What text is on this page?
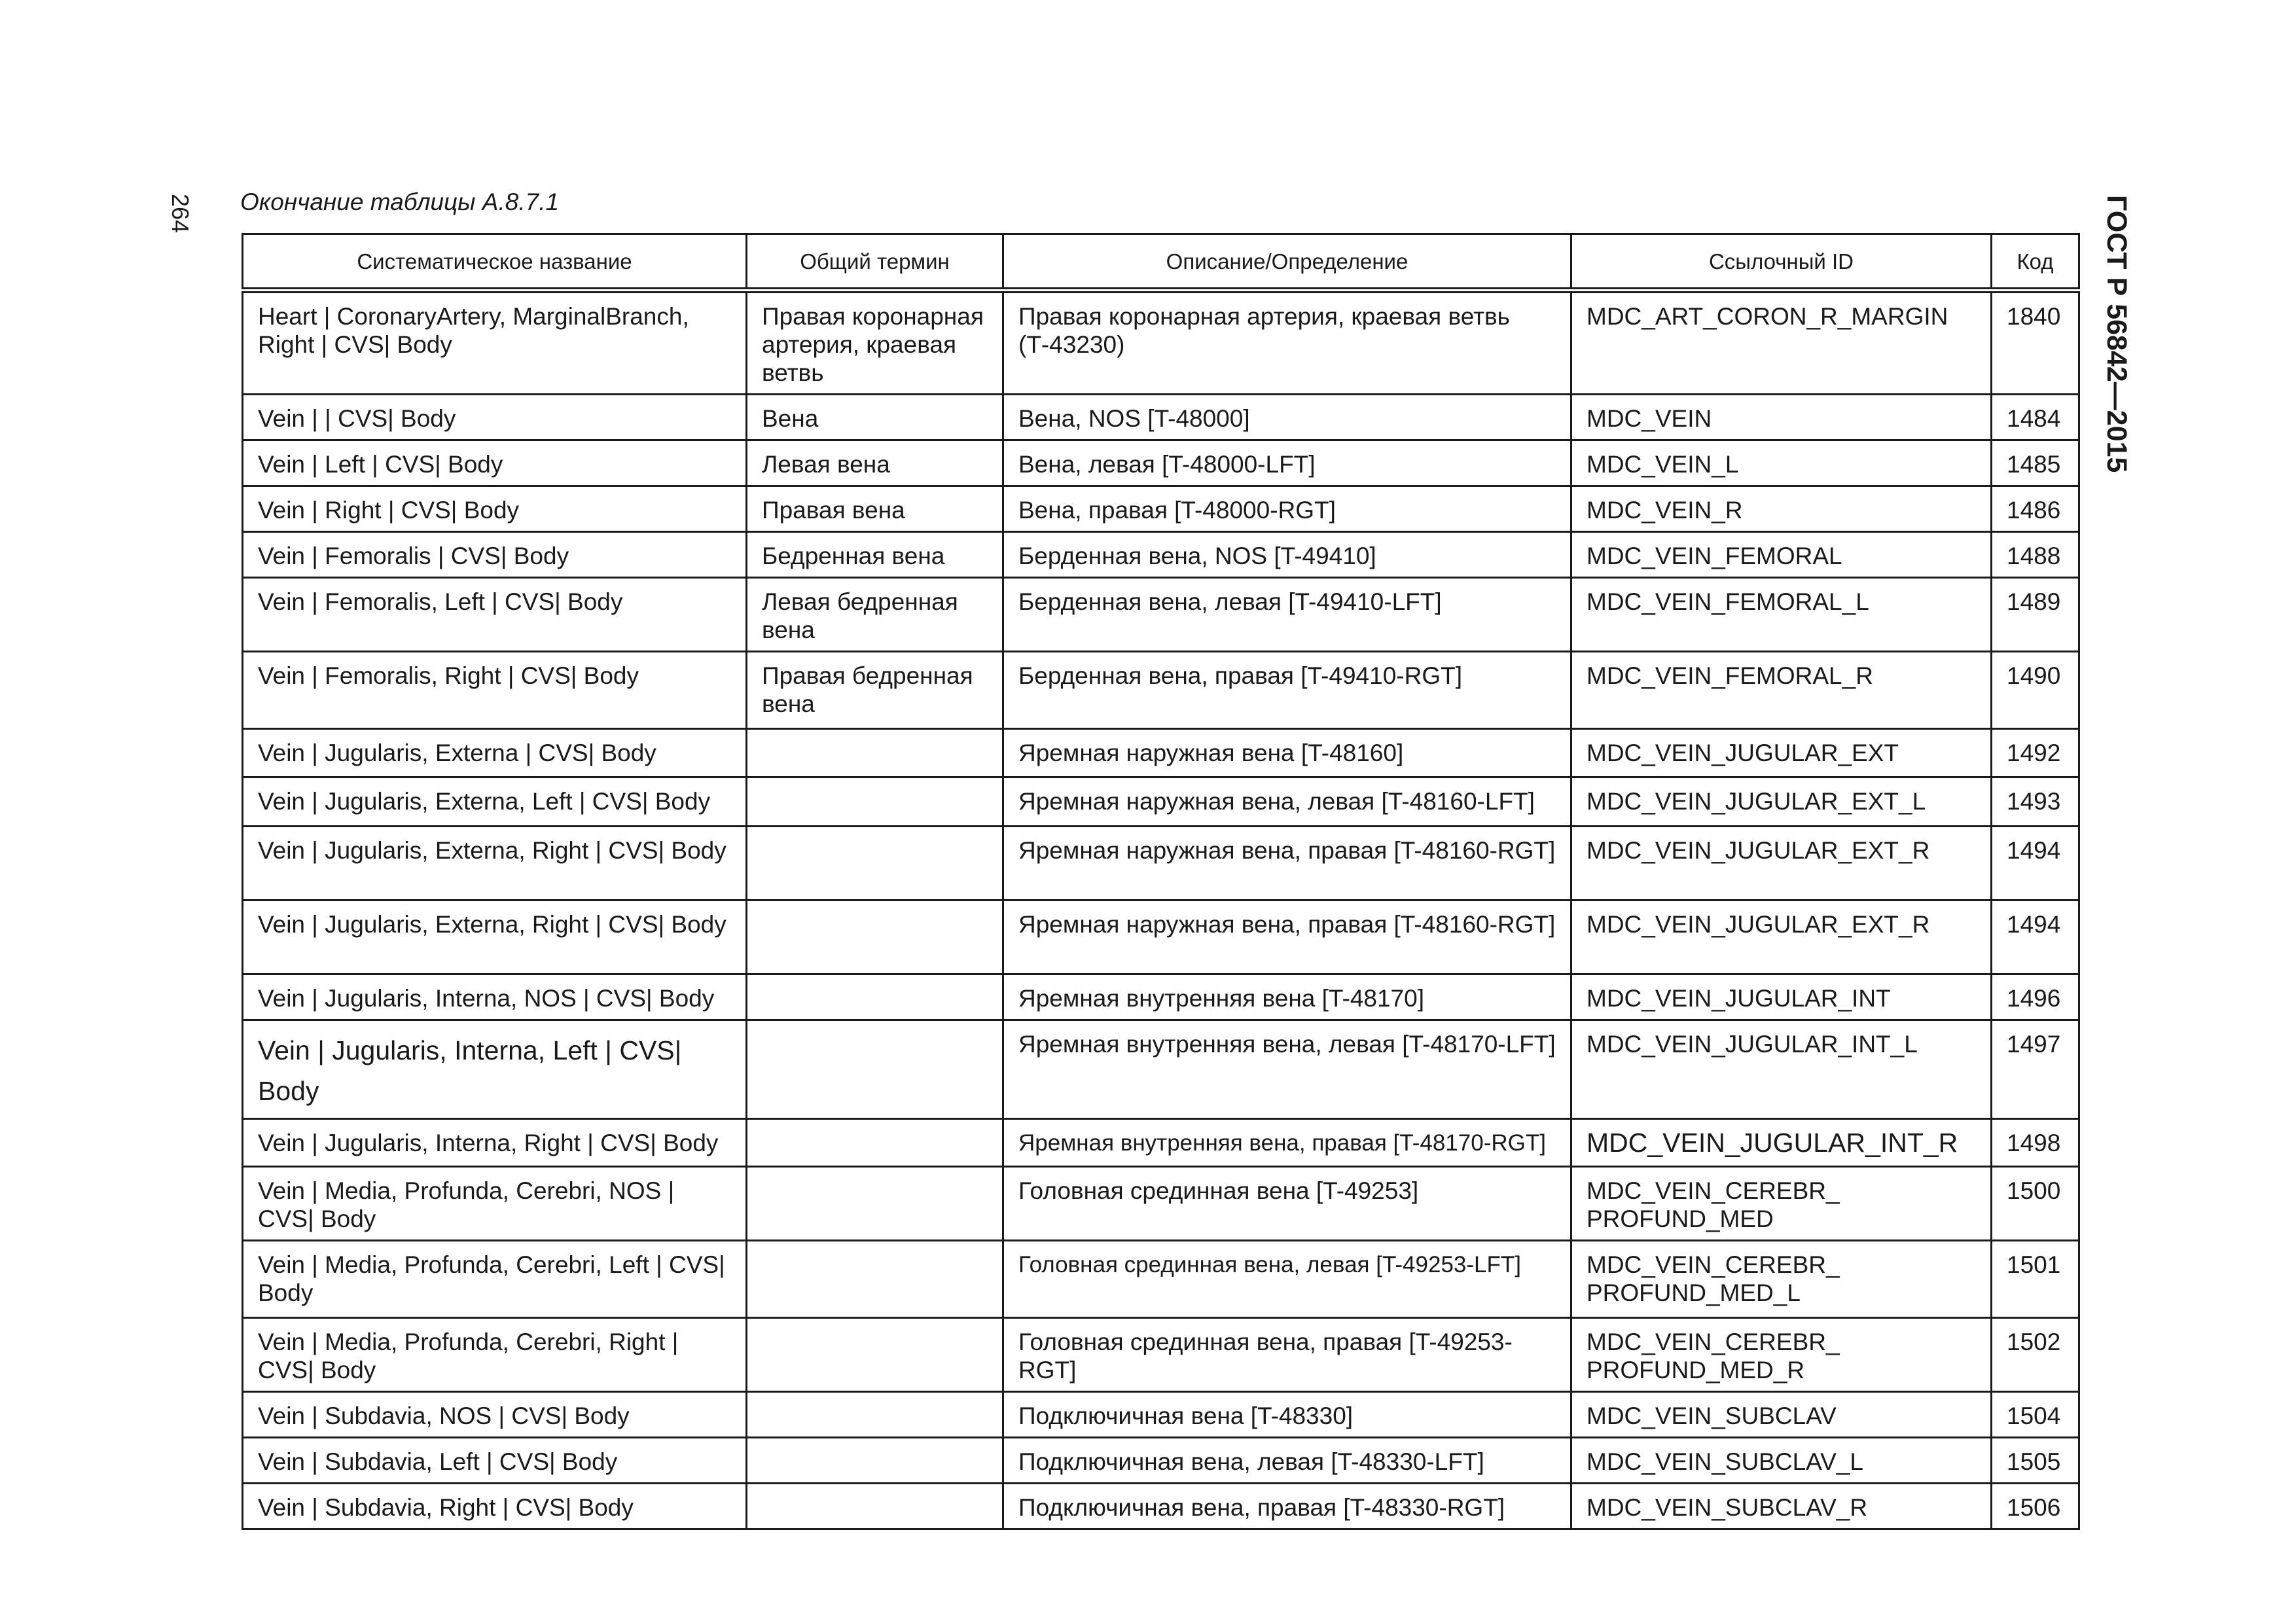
264 Окончание таблицы А.8.7.1	ГОСТ Р 56842—2015
Систематическое название	Общий термин	Описание/Определение	Ссылочный ID	Код
Heart | CoronaryArtery, MarginalBranch, Right | CVS| Body	Правая коронарная артерия, краевая ветвь	Правая коронарная артерия, краевая ветвь (Т-43230)	MDC_ART_CORON_R_MARGIN	1840
Vein | | CVS| Body	Вена	Вена, NOS [T-48000]	MDC_VEIN	1484
Vein | Left | CVS| Body	Левая вена	Вена, левая [T-48000-LFT]	MDC_VEIN_L	1485
Vein | Right | CVS| Body	Правая вена	Вена, правая [T-48000-RGT]	MDC_VEIN_R	1486
Vein | Femoralis | CVS| Body	Бедренная вена	Берденная вена, NOS [T-49410]	MDC_VEIN_FEMORAL	1488
Vein | Femoralis, Left | CVS| Body	Левая бедренная вена	Берденная вена, левая [T-49410-LFT]	MDC_VEIN_FEMORAL_L	1489
Vein | Femoralis, Right | CVS| Body	Правая бедренная вена	Берденная вена, правая [T-49410-RGT]	MDC_VEIN_FEMORAL_R	1490
Vein | Jugularis, Externa | CVS| Body		Яремная наружная вена [T-48160]	MDC_VEIN_JUGULAR_EXT	1492
Vein | Jugularis, Externa, Left | CVS| Body		Яремная наружная вена, левая [T-48160-LFT]	MDC_VEIN_JUGULAR_EXT_L	1493
Vein | Jugularis, Externa, Right | CVS| Body		Яремная наружная вена, правая [T-48160-RGT]	MDC_VEIN_JUGULAR_EXT_R	1494
Vein | Jugularis, Externa, Right | CVS| Body		Яремная наружная вена, правая [T-48160-RGT]	MDC_VEIN_JUGULAR_EXT_R	1494
Vein | Jugularis, Interna, NOS | CVS| Body		Яремная внутренняя вена [T-48170]	MDC_VEIN_JUGULAR_INT	1496
Vein | Jugularis, Interna, Left | CVS| Body		Яремная внутренняя вена, левая [T-48170-LFT]	MDC_VEIN_JUGULAR_INT_L	1497
Vein | Jugularis, Interna, Right | CVS| Body		Яремная внутренняя вена, правая [T-48170-RGT]	MDC_VEIN_JUGULAR_INT_R	1498
Vein | Media, Profunda, Cerebri, NOS | CVS| Body		Головная срединная вена [T-49253]	MDC_VEIN_CEREBR_ PROFUND_MED	1500
Vein | Media, Profunda, Cerebri, Left | CVS| Body		Головная срединная вена, левая [T-49253-LFT]	MDC_VEIN_CEREBR_ PROFUND_MED_L	1501
Vein | Media, Profunda, Cerebri, Right | CVS| Body		Головная срединная вена, правая [T-49253-RGT]	MDC_VEIN_CEREBR_ PROFUND_MED_R	1502
Vein | Subdavia, NOS | CVS| Body		Подключичная вена [T-48330]	MDC_VEIN_SUBCLAV	1504
Vein | Subdavia, Left | CVS| Body		Подключичная вена, левая [T-48330-LFT]	MDC_VEIN_SUBCLAV_L	1505
Vein | Subdavia, Right | CVS| Body		Подключичная вена, правая [T-48330-RGT]	MDC_VEIN_SUBCLAV_R	1506
